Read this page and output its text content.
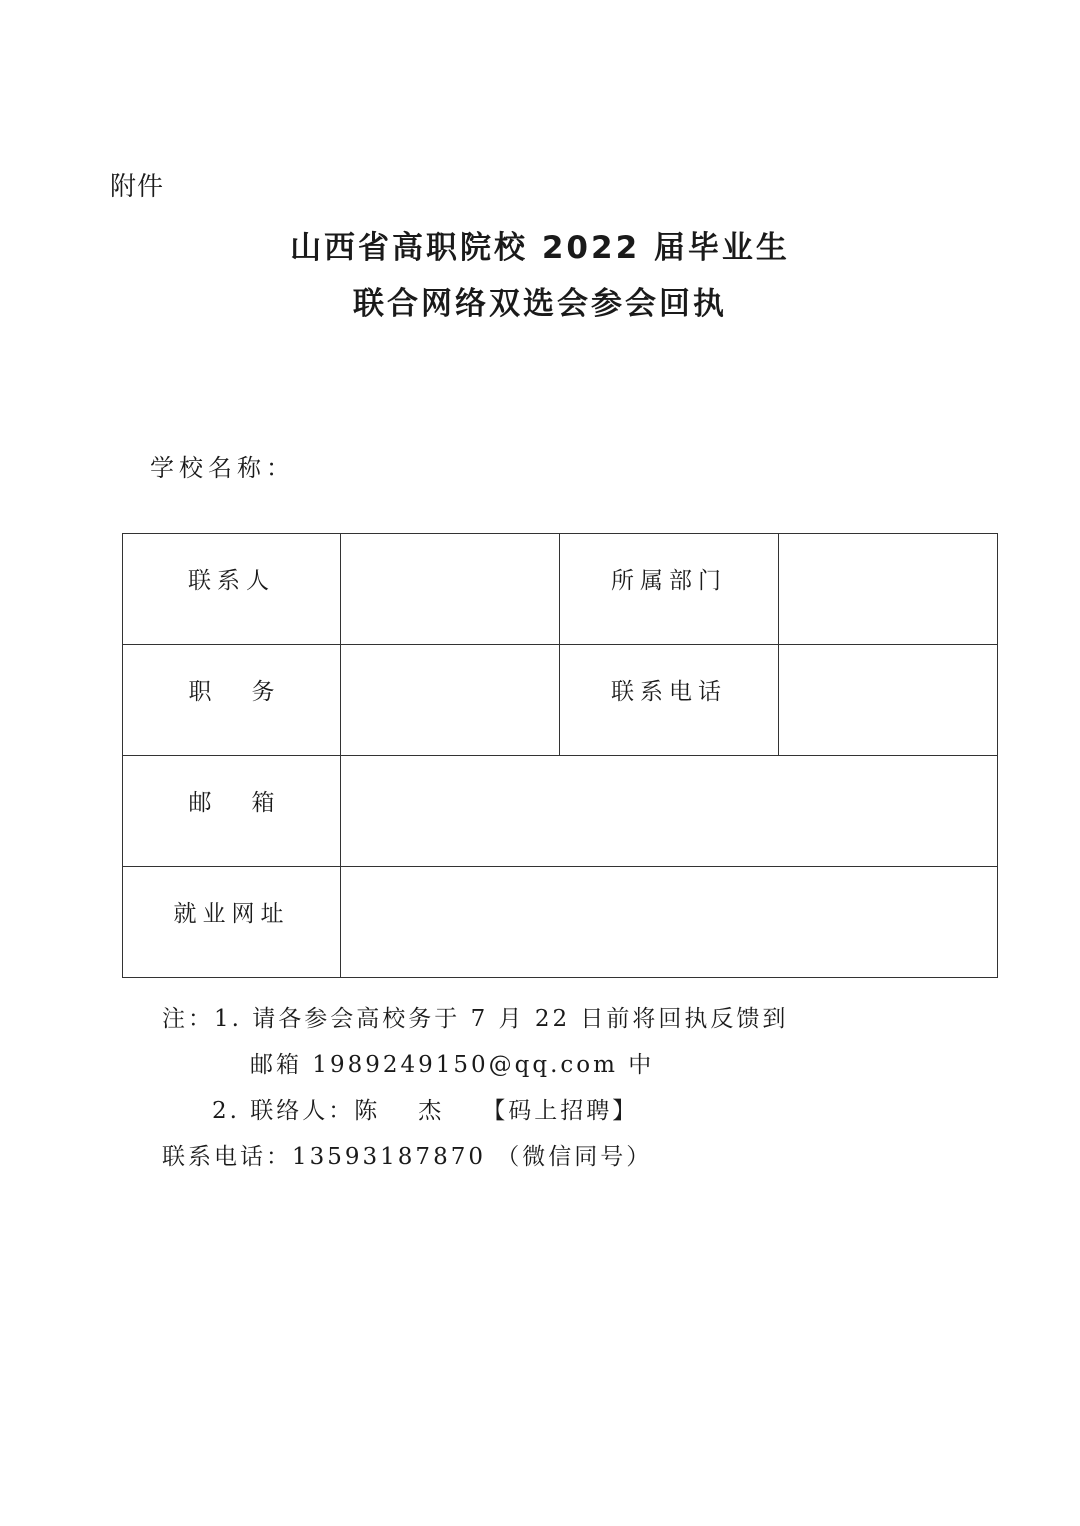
附件
山西省高职院校 2022 届毕业生
联合网络双选会参会回执
学校名称：
联系人		所属部门	
职 务		联系电话	
邮 箱			
就业网址			
注：1. 请各参会高校务于 7 月 22 日前将回执反馈到
邮箱 1989249150@qq.com 中
2. 联络人：陈 杰 【码上招聘】
联系电话：13593187870 （微信同号）
